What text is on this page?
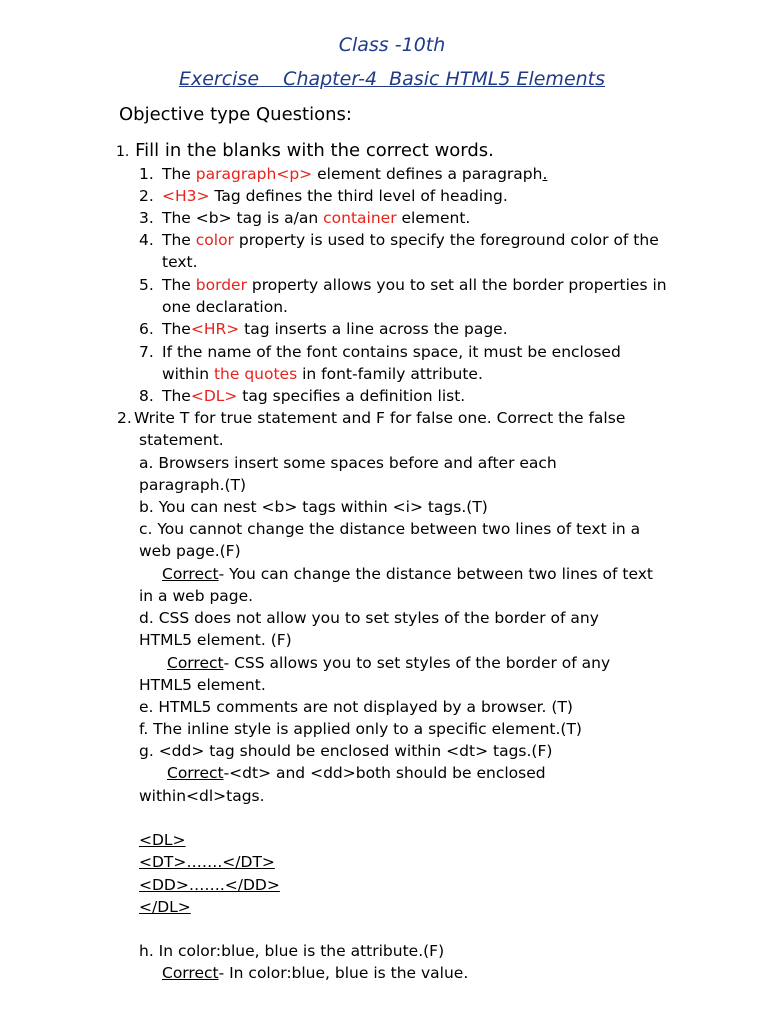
Class -10th
Exercise    Chapter-4  Basic HTML5 Elements
Objective type Questions:
1. Fill in the blanks with the correct words.
1. The paragraph<p> element defines a paragraph.
2. <H3> Tag defines the third level of heading.
3. The <b> tag is a/an container element.
4. The color property is used to specify the foreground color of the
text.
5. The border property allows you to set all the border properties in
one declaration.
6. The<HR> tag inserts a line across the page.
7. If the name of the font contains space, it must be enclosed
within the quotes in font-family attribute.
8. The<DL> tag specifies a definition list.
2. Write T for true statement and F for false one. Correct the false
statement.
a. Browsers insert some spaces before and after each
paragraph.(T)
b. You can nest <b> tags within <i> tags.(T)
c. You cannot change the distance between two lines of text in a
web page.(F)
Correct- You can change the distance between two lines of text
in a web page.
d. CSS does not allow you to set styles of the border of any
HTML5 element. (F)
Correct- CSS allows you to set styles of the border of any
HTML5 element.
e. HTML5 comments are not displayed by a browser. (T)
f. The inline style is applied only to a specific element.(T)
g. <dd> tag should be enclosed within <dt> tags.(F)
Correct-<dt> and <dd>both should be enclosed
within<dl>tags.
<DL>
<DT>…….</DT>
<DD>…….</DD>
</DL>
h. In color:blue, blue is the attribute.(F)
Correct- In color:blue, blue is the value.
